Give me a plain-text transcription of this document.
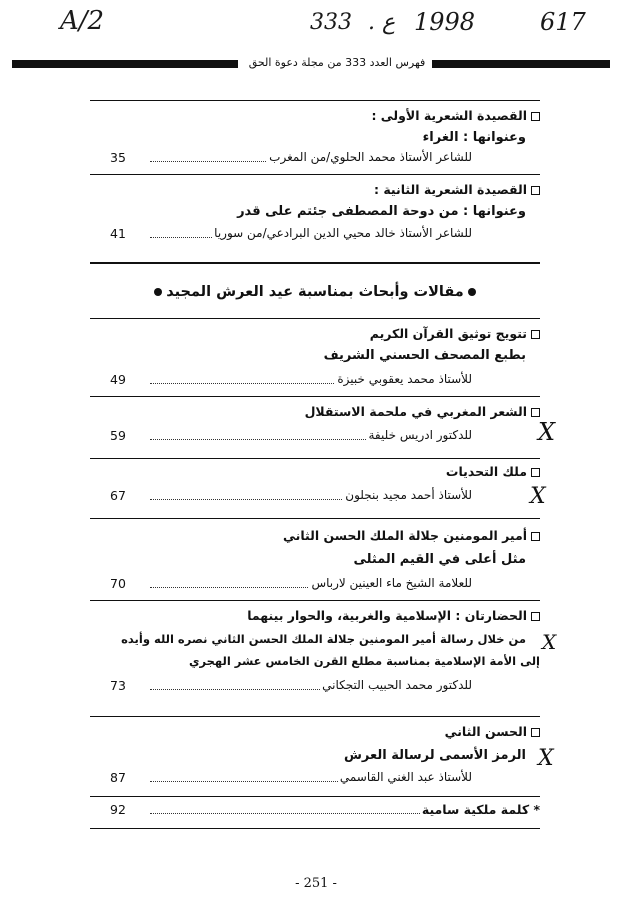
A/2	333 . ع 1998	617
فهرس العدد 333 من مجلة دعوة الحق
القصيدة الشعرية الأولى :
وعنوانها : الغراء
للشاعر الأستاذ محمد الحلوي/من المغرب
35
القصيدة الشعرية الثانية :
وعنوانها : من دوحة المصطفى جئتم على قدر
للشاعر الأستاذ خالد محيي الدين البرادعي/من سوريا
41
مقالات وأبحاث بمناسبة عيد العرش المجيد
تتويج توثيق القرآن الكريم
بطبع المصحف الحسني الشريف
للأستاذ محمد يعقوبي خبيزة
49
الشعر المغربي في ملحمة الاستقلال
للدكتور ادريس خليفة
59	X
ملك التحديات
للأستاذ أحمد مجيد بنجلون
67	X
أمير المومنين جلالة الملك الحسن الثاني
مثل أعلى في القيم المثلى
للعلامة الشيخ ماء العينين لارباس
70
الحضارتان : الإسلامية والغربية، والحوار بينهما
من خلال رسالة أمير المومنين جلالة الملك الحسن الثاني نصره الله وأيده
إلى الأمة الإسلامية بمناسبة مطلع القرن الخامس عشر الهجري
للدكتور محمد الحبيب التجكاني
73
X
الحسن الثاني
الرمز الأسمى لرسالة العرش
للأستاذ عبد الغني القاسمي
87
X
* كلمة ملكية سامية
92
- 251 -
